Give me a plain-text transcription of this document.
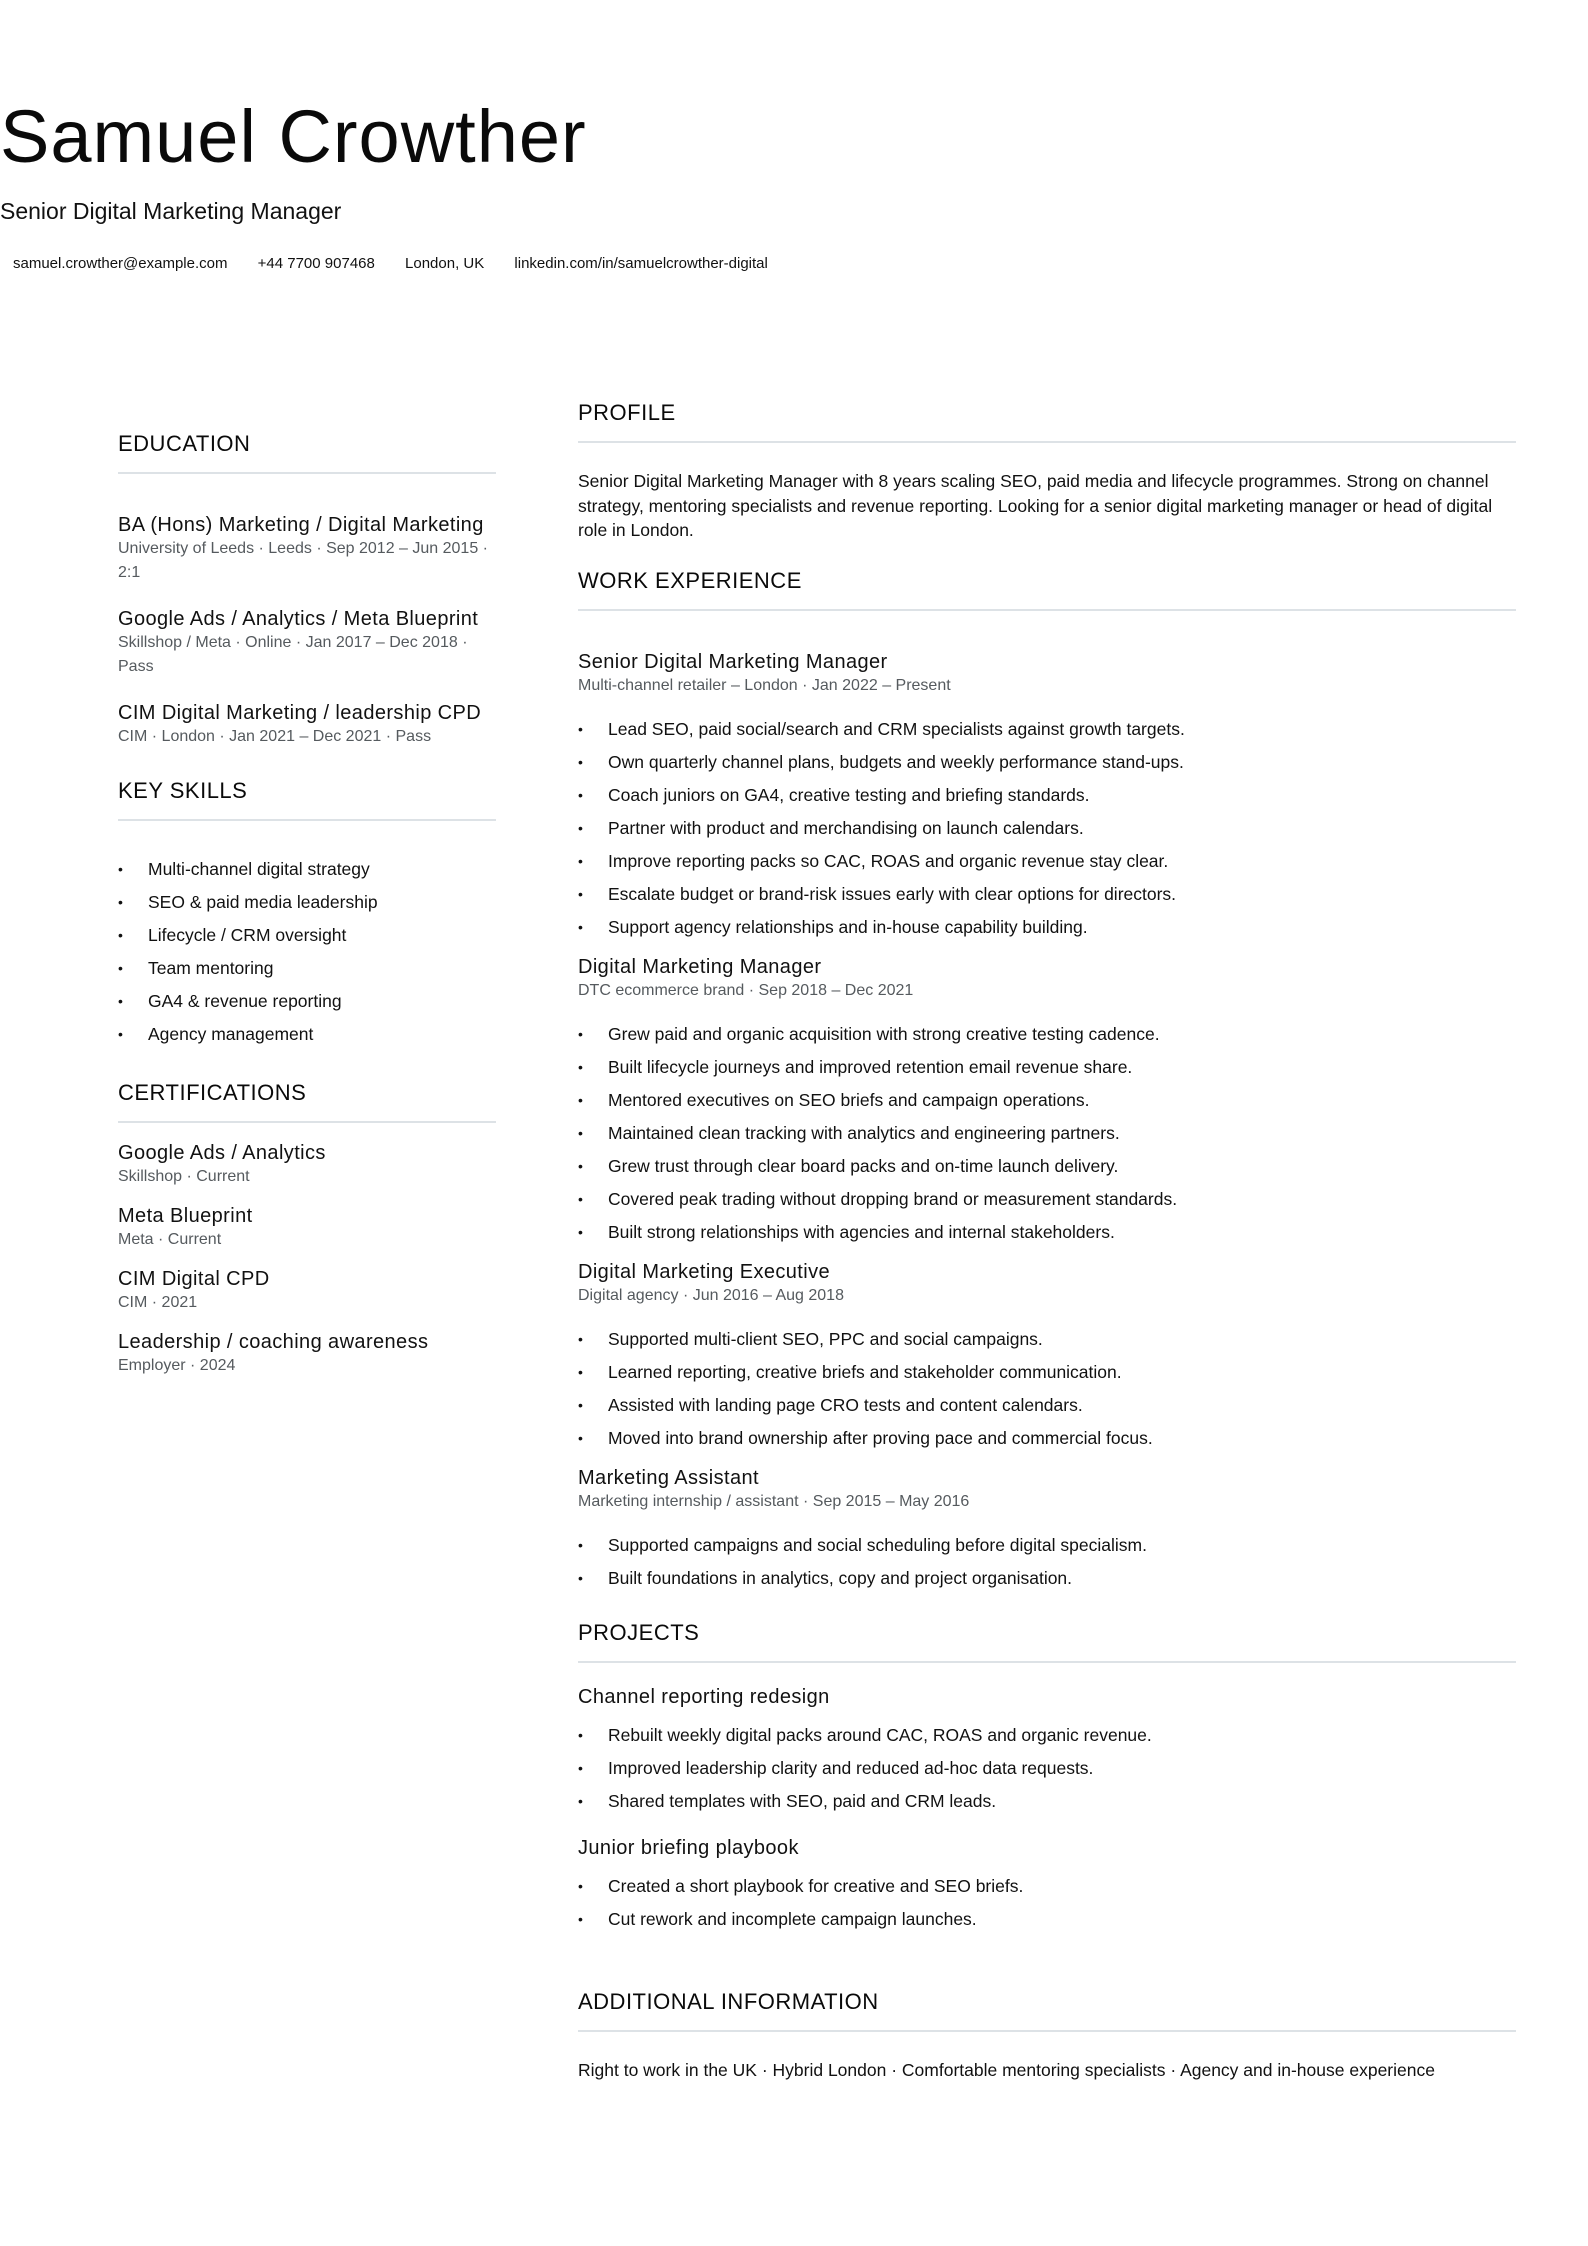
Samuel Crowther
Senior Digital Marketing Manager
samuel.crowther@example.com +44 7700 907468 London, UK linkedin.com/in/samuelcrowther-digital
EDUCATION
BA (Hons) Marketing / Digital Marketing
University of Leeds · Leeds · Sep 2012 – Jun 2015 · 2:1
Google Ads / Analytics / Meta Blueprint
Skillshop / Meta · Online · Jan 2017 – Dec 2018 · Pass
CIM Digital Marketing / leadership CPD
CIM · London · Jan 2021 – Dec 2021 · Pass
KEY SKILLS
• Multi-channel digital strategy
• SEO & paid media leadership
• Lifecycle / CRM oversight
• Team mentoring
• GA4 & revenue reporting
• Agency management
CERTIFICATIONS
Google Ads / Analytics
Skillshop · Current
Meta Blueprint
Meta · Current
CIM Digital CPD
CIM · 2021
Leadership / coaching awareness
Employer · 2024
PROFILE
Senior Digital Marketing Manager with 8 years scaling SEO, paid media and lifecycle programmes. Strong on channel strategy, mentoring specialists and revenue reporting. Looking for a senior digital marketing manager or head of digital role in London.
WORK EXPERIENCE
Senior Digital Marketing Manager
Multi-channel retailer – London · Jan 2022 – Present
• Lead SEO, paid social/search and CRM specialists against growth targets.
• Own quarterly channel plans, budgets and weekly performance stand-ups.
• Coach juniors on GA4, creative testing and briefing standards.
• Partner with product and merchandising on launch calendars.
• Improve reporting packs so CAC, ROAS and organic revenue stay clear.
• Escalate budget or brand-risk issues early with clear options for directors.
• Support agency relationships and in-house capability building.
Digital Marketing Manager
DTC ecommerce brand · Sep 2018 – Dec 2021
• Grew paid and organic acquisition with strong creative testing cadence.
• Built lifecycle journeys and improved retention email revenue share.
• Mentored executives on SEO briefs and campaign operations.
• Maintained clean tracking with analytics and engineering partners.
• Grew trust through clear board packs and on-time launch delivery.
• Covered peak trading without dropping brand or measurement standards.
• Built strong relationships with agencies and internal stakeholders.
Digital Marketing Executive
Digital agency · Jun 2016 – Aug 2018
• Supported multi-client SEO, PPC and social campaigns.
• Learned reporting, creative briefs and stakeholder communication.
• Assisted with landing page CRO tests and content calendars.
• Moved into brand ownership after proving pace and commercial focus.
Marketing Assistant
Marketing internship / assistant · Sep 2015 – May 2016
• Supported campaigns and social scheduling before digital specialism.
• Built foundations in analytics, copy and project organisation.
PROJECTS
Channel reporting redesign
• Rebuilt weekly digital packs around CAC, ROAS and organic revenue.
• Improved leadership clarity and reduced ad-hoc data requests.
• Shared templates with SEO, paid and CRM leads.
Junior briefing playbook
• Created a short playbook for creative and SEO briefs.
• Cut rework and incomplete campaign launches.
ADDITIONAL INFORMATION
Right to work in the UK · Hybrid London · Comfortable mentoring specialists · Agency and in-house experience
